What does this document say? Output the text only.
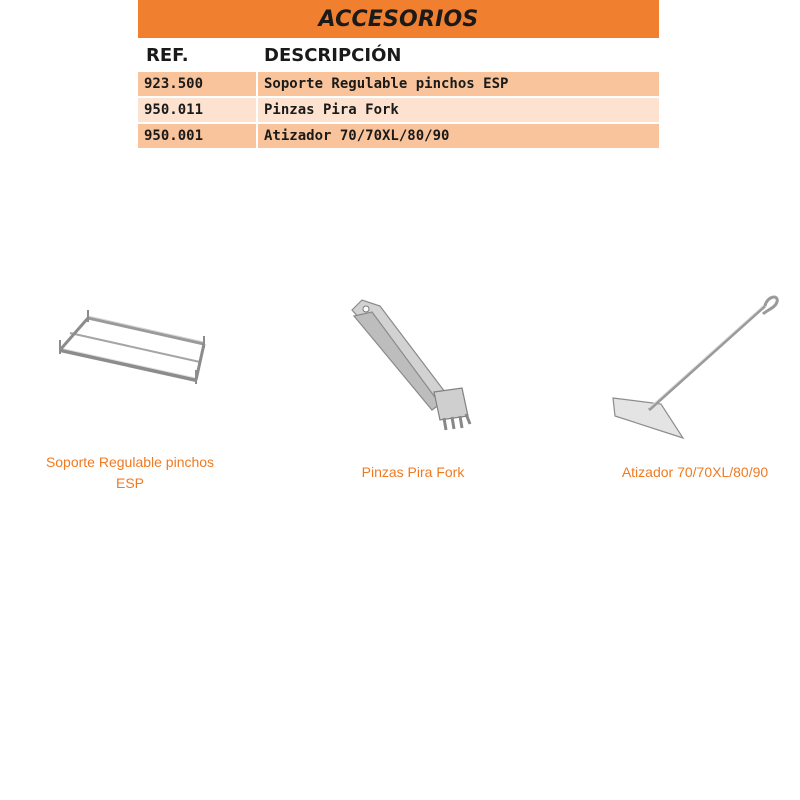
ACCESORIOS
REF.	DESCRIPCIÓN
923.500	Soporte Regulable pinchos ESP
950.011	Pinzas Pira Fork
950.001	Atizador 70/70XL/80/90
Soporte Regulable pinchos ESP
Pinzas Pira Fork	Atizador 70/70XL/80/90
